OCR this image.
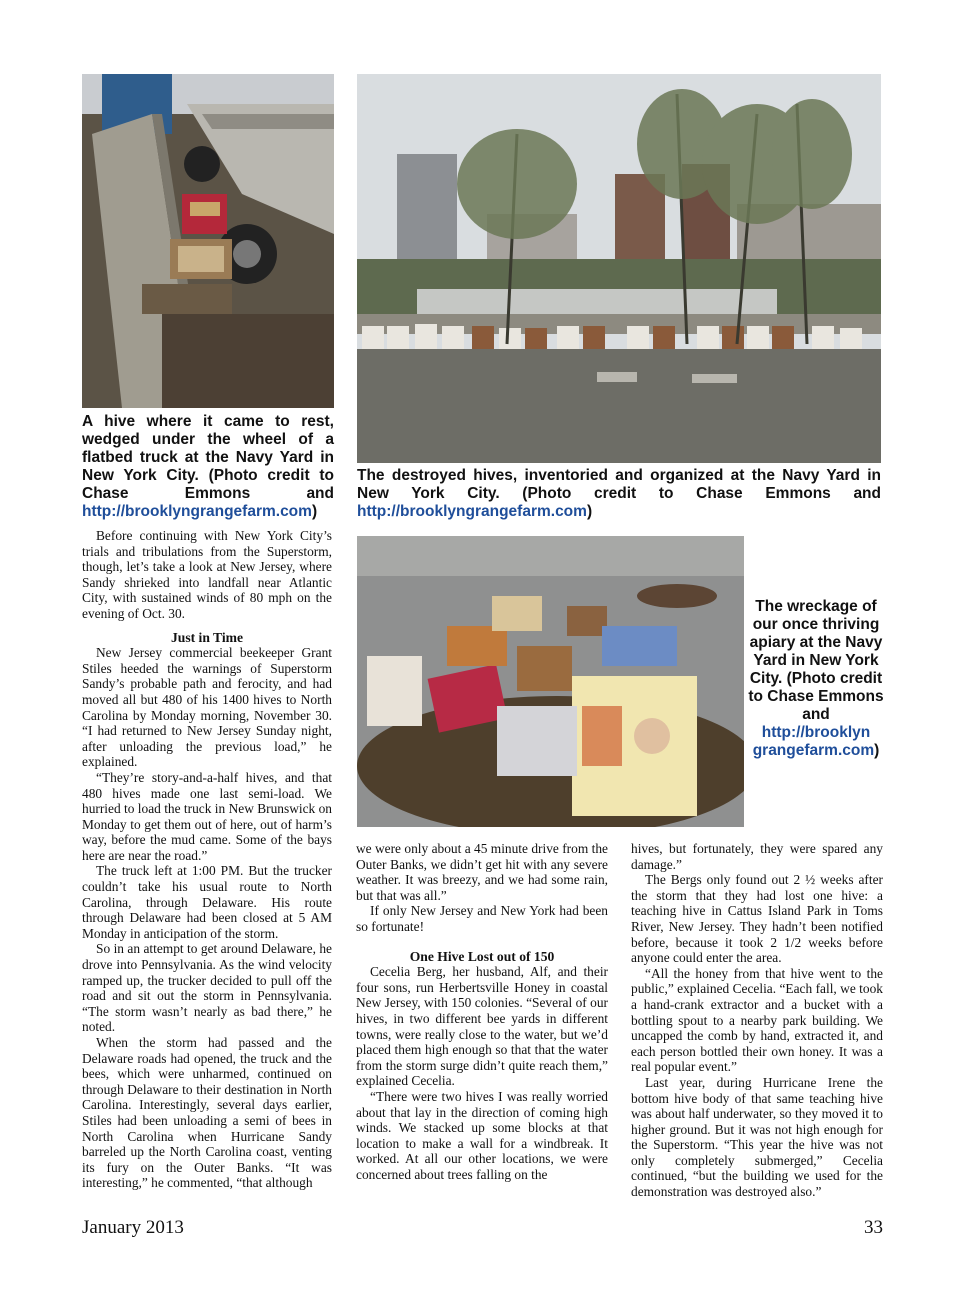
A hive where it came to rest, wedged under the wheel of a flatbed truck at the Navy Yard in New York City. (Photo credit to Chase Emmons and http://brooklyngrangefarm.com)
The destroyed hives, inventoried and organized at the Navy Yard in New York City. (Photo credit to Chase Emmons and http://brooklyngrangefarm.com)
The wreckage of our once thriving apiary at the Navy Yard in New York City. (Photo credit to Chase Emmons and http://brooklyn grangefarm.com)

Before continuing with New York City’s trials and tribulations from the Superstorm, though, let’s take a look at New Jersey, where Sandy shrieked into landfall near Atlantic City, with sustained winds of 80 mph on the evening of Oct. 30.

Just in Time

New Jersey commercial beekeeper Grant Stiles heeded the warnings of Superstorm Sandy’s probable path and ferocity, and had moved all but 480 of his 1400 hives to North Carolina by Monday morning, November 30. “I had returned to New Jersey Sunday night, after unloading the previous load,” he explained.

“They’re story-and-a-half hives, and that 480 hives made one last semi-load. We hurried to load the truck in New Brunswick on Monday to get them out of here, out of harm’s way, before the mud came. Some of the bays here are near the road.”

The truck left at 1:00 PM. But the trucker couldn’t take his usual route to North Carolina, through Delaware. His route through Delaware had been closed at 5 AM Monday in anticipation of the storm.

So in an attempt to get around Delaware, he drove into Pennsylvania. As the wind velocity ramped up, the trucker decided to pull off the road and sit out the storm in Pennsylvania. “The storm wasn’t nearly as bad there,” he noted.

When the storm had passed and the Delaware roads had opened, the truck and the bees, which were unharmed, continued on through Delaware to their destination in North Carolina. Interestingly, several days earlier, Stiles had been unloading a semi of bees in North Carolina when Hurricane Sandy barreled up the North Carolina coast, venting its fury on the Outer Banks. “It was interesting,” he commented, “that although

we were only about a 45 minute drive from the Outer Banks, we didn’t get hit with any severe weather. It was breezy, and we had some rain, but that was all.”

If only New Jersey and New York had been so fortunate!

One Hive Lost out of 150

Cecelia Berg, her husband, Alf, and their four sons, run Herbertsville Honey in coastal New Jersey, with 150 colonies. “Several of our hives, in two different bee yards in different towns, were really close to the water, but we’d placed them high enough so that that the water from the storm surge didn’t quite reach them,” explained Cecelia.

“There were two hives I was really worried about that lay in the direction of coming high winds. We stacked up some blocks at that location to make a wall for a windbreak. It worked. At all our other locations, we were concerned about trees falling on the

hives, but fortunately, they were spared any damage.”

The Bergs only found out 2 ½ weeks after the storm that they had lost one hive: a teaching hive in Cattus Island Park in Toms River, New Jersey. They hadn’t been notified before, because it took 2 1/2 weeks before anyone could enter the area.

“All the honey from that hive went to the public,” explained Cecelia. “Each fall, we took a hand-crank extractor and a bucket with a bottling spout to a nearby park building. We uncapped the comb by hand, extracted it, and each person bottled their own honey. It was a real popular event.”

Last year, during Hurricane Irene the bottom hive body of that same teaching hive was about half underwater, so they moved it to higher ground. But it was not high enough for the Superstorm. “This year the hive was not only completely submerged,” Cecelia continued, “but the building we used for the demonstration was destroyed also.”

January 2013	33
